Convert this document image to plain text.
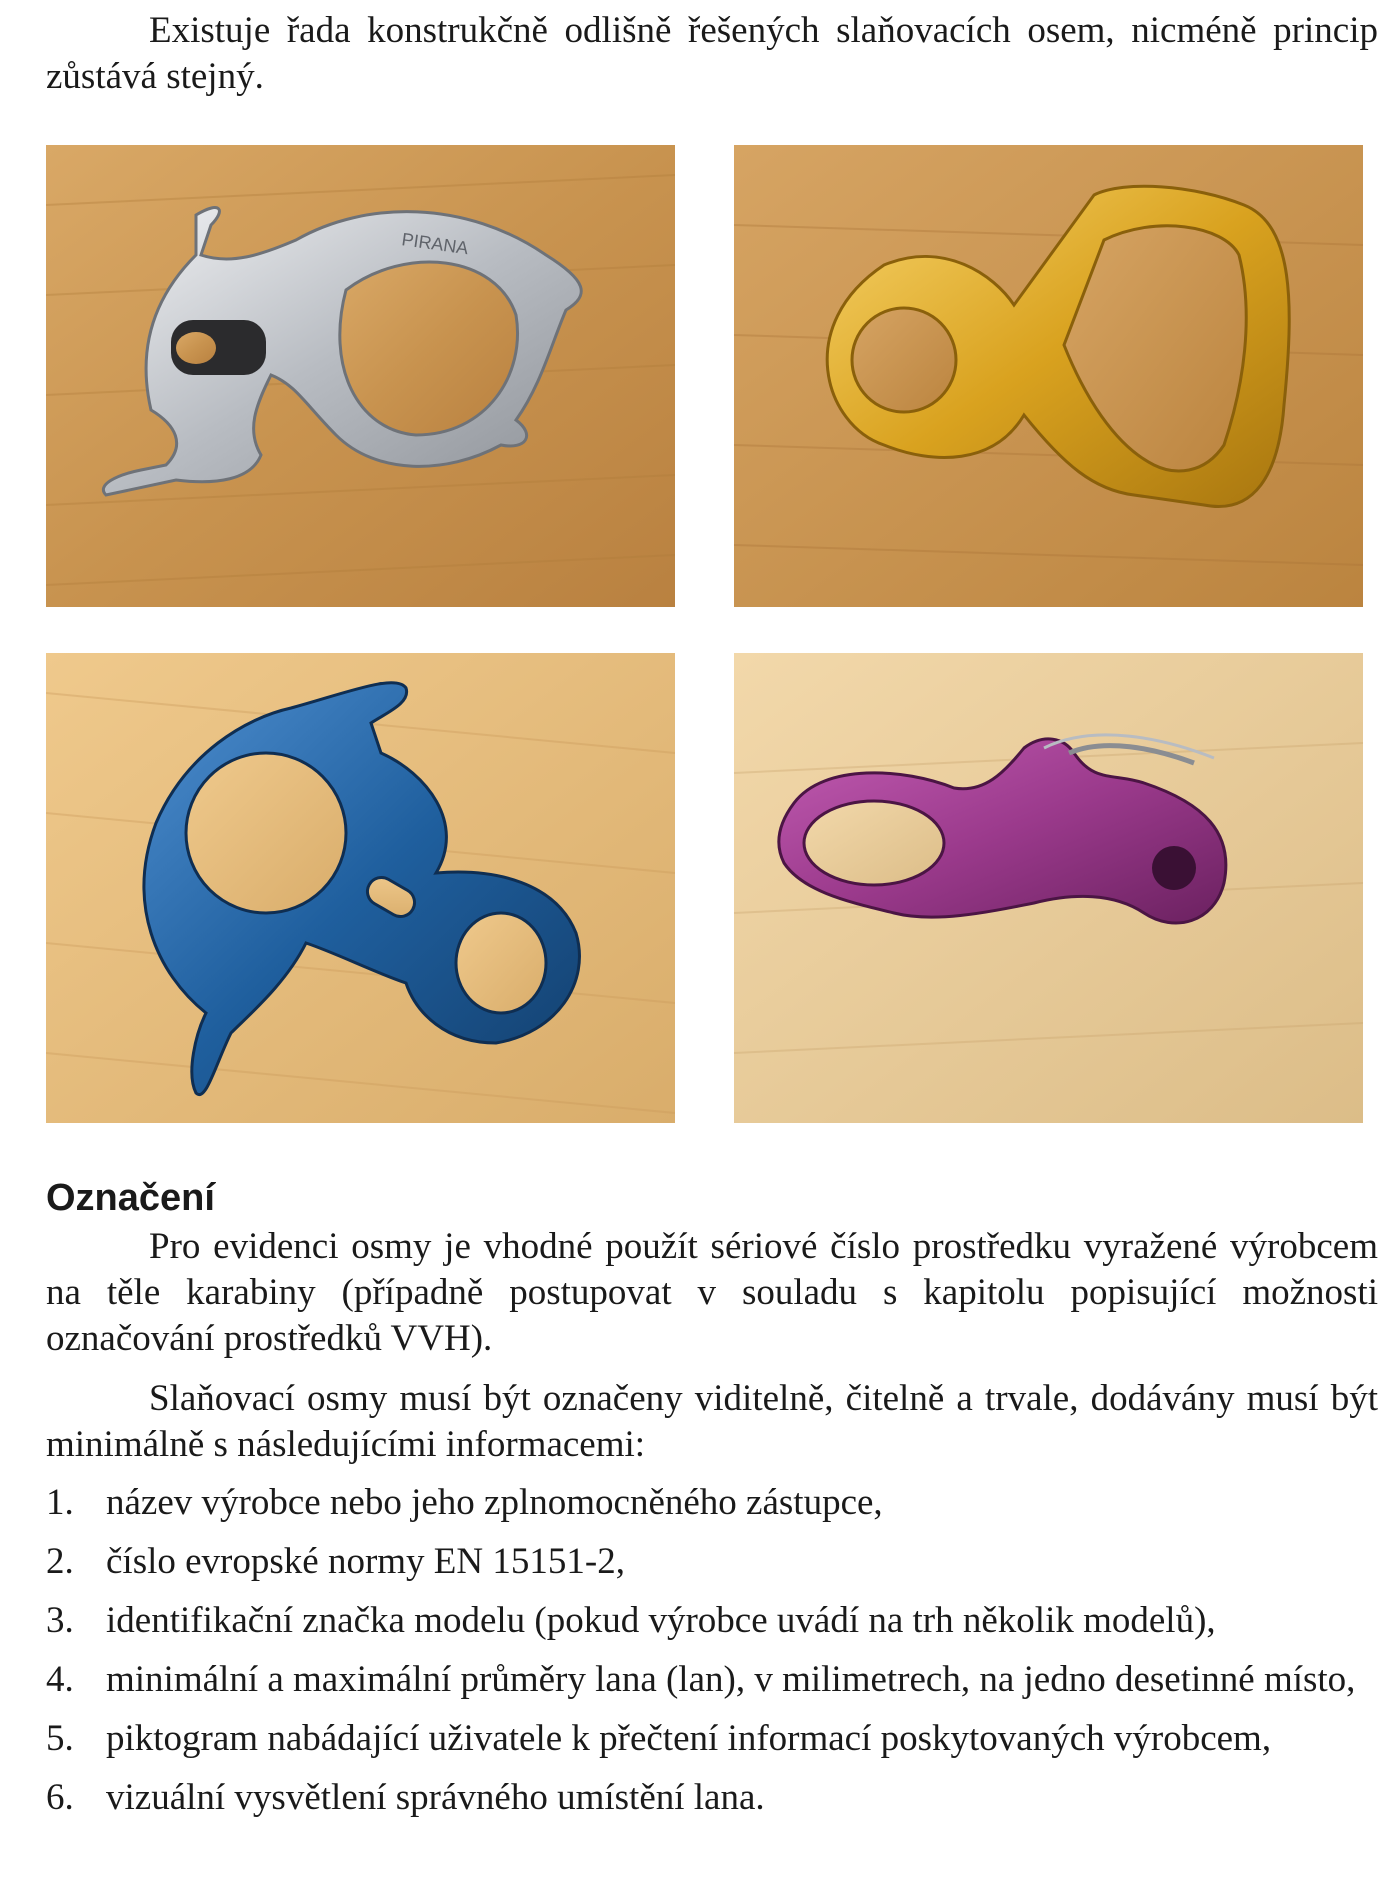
Existuje řada konstrukčně odlišně řešených slaňovacích osem, nicméně princip zůstává stejný.

PIRANA
Označení

Pro evidenci osmy je vhodné použít sériové číslo prostředku vyražené výrobcem na těle karabiny (případně postupovat v souladu s kapitolu popisující možnosti označování prostředků VVH).

Slaňovací osmy musí být označeny viditelně, čitelně a trvale, dodávány musí být minimálně s následujícími informacemi:

1. název výrobce nebo jeho zplnomocněného zástupce,
2. číslo evropské normy EN 15151-2,
3. identifikační značka modelu (pokud výrobce uvádí na trh několik modelů),
4. minimální a maximální průměry lana (lan), v milimetrech, na jedno desetinné místo,
5. piktogram nabádající uživatele k přečtení informací poskytovaných výrobcem,
6. vizuální vysvětlení správného umístění lana.
